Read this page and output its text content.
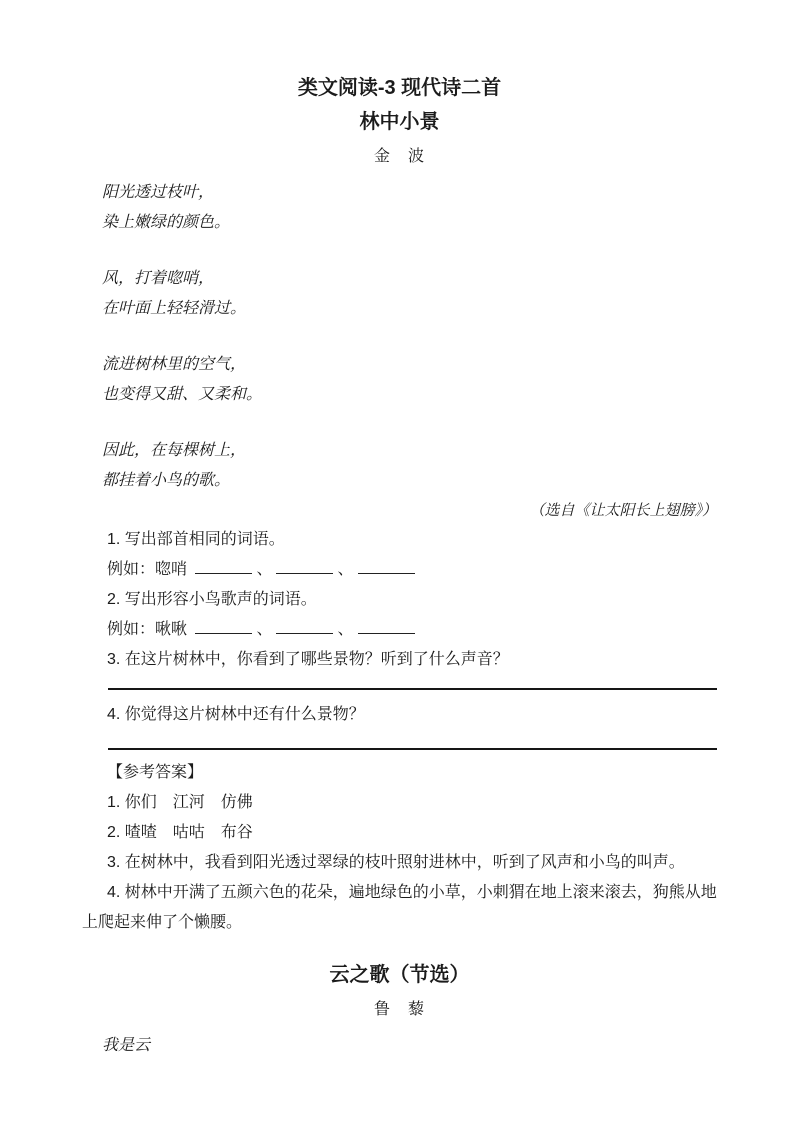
类文阅读-3 现代诗二首

林中小景

金　波

阳光透过枝叶，

染上嫩绿的颜色。

风，打着唿哨，

在叶面上轻轻滑过。

流进树林里的空气，

也变得又甜、又柔和。

因此，在每棵树上，

都挂着小鸟的歌。

（选自《让太阳长上翅膀》）

1. 写出部首相同的词语。

例如：唿哨	、	、

2. 写出形容小鸟歌声的词语。

例如：啾啾	、	、

3. 在这片树林中，你看到了哪些景物？听到了什么声音？

4. 你觉得这片树林中还有什么景物？

【参考答案】

1. 你们　江河　仿佛

2. 喳喳　咕咕　布谷

3. 在树林中，我看到阳光透过翠绿的枝叶照射进林中，听到了风声和小鸟的叫声。

4. 树林中开满了五颜六色的花朵，遍地绿色的小草，小刺猬在地上滚来滚去，狗熊从地

上爬起来伸了个懒腰。

云之歌（节选）

鲁　藜

我是云
